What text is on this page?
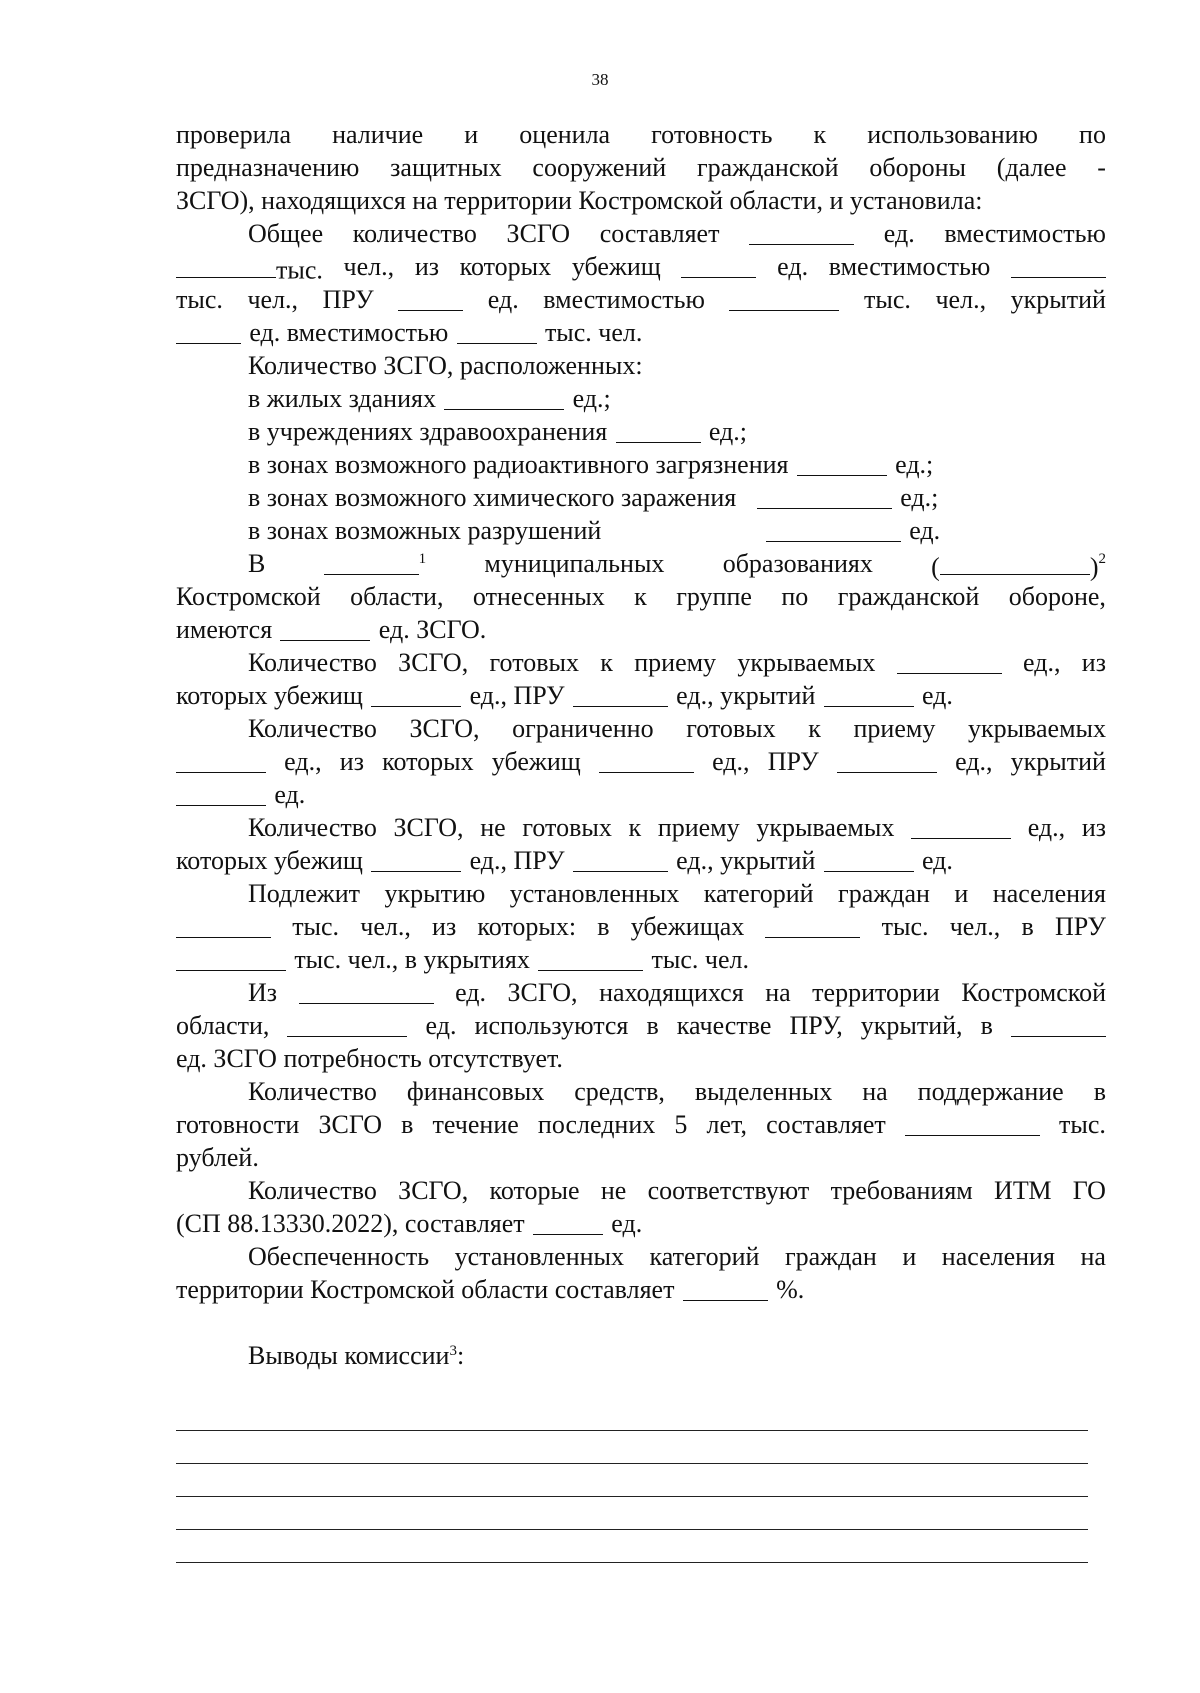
38
проверила наличие и оценила готовность к использованию по
предназначению защитных сооружений гражданской обороны (далее -
ЗСГО), находящихся на территории Костромской области, и установила:
Общее количество ЗСГО составляет	ед. вместимостью
тыс. чел., из которых убежищ	ед. вместимостью
тыс. чел., ПРУ	ед. вместимостью	тыс. чел., укрытий
ед. вместимостью	тыс. чел.
Количество ЗСГО, расположенных:
в жилых зданиях	ед.;
в учреждениях здравоохранения	ед.;
в зонах возможного радиоактивного загрязнения	ед.;
в зонах возможного химического заражения	ед.;
в зонах возможных разрушений	ед.
В	$^1$ муниципальных образованиях (	)$^2$
Костромской области, отнесенных к группе по гражданской обороне,
имеются	ед. ЗСГО.
Количество ЗСГО, готовых к приему укрываемых	ед., из
которых убежищ	ед., ПРУ	ед., укрытий	ед.
Количество ЗСГО, ограниченно готовых к приему укрываемых
ед., из которых убежищ	ед., ПРУ	ед., укрытий
ед.
Количество ЗСГО, не готовых к приему укрываемых	ед., из
которых убежищ	ед., ПРУ	ед., укрытий	ед.
Подлежит укрытию установленных категорий граждан и населения
тыс. чел., из которых: в убежищах	тыс. чел., в ПРУ
тыс. чел., в укрытиях	тыс. чел.
Из	ед. ЗСГО, находящихся на территории Костромской
области,	ед. используются в качестве ПРУ, укрытий, в
ед. ЗСГО потребность отсутствует.
Количество финансовых средств, выделенных на поддержание в
готовности ЗСГО в течение последних 5 лет, составляет	тыс.
рублей.
Количество ЗСГО, которые не соответствуют требованиям ИТМ ГО
(СП 88.13330.2022), составляет	ед.
Обеспеченность установленных категорий граждан и населения на
территории Костромской области составляет	%.
Выводы комиссии$^3$ :
